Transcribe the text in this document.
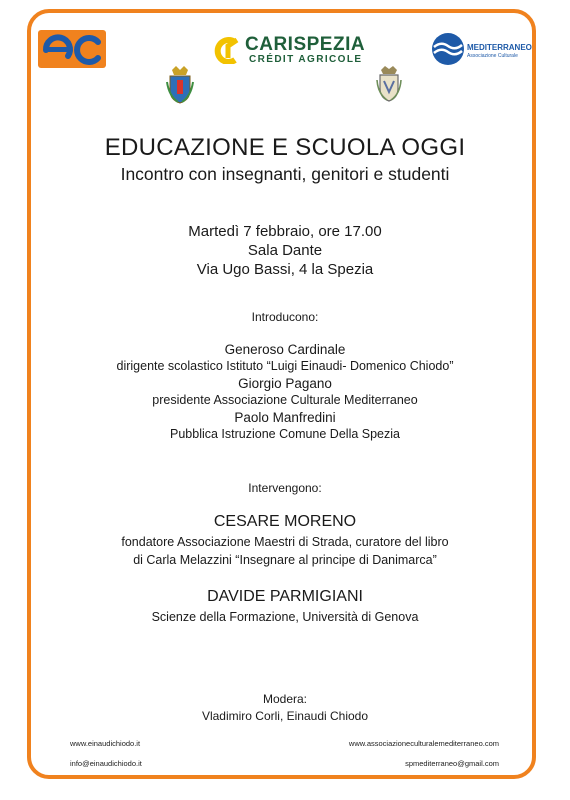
CARISPEZIA
CRÉDIT AGRICOLE
MEDITERRANEO
Associazione Culturale
EDUCAZIONE E SCUOLA OGGI
Incontro con insegnanti, genitori e studenti
Martedì 7 febbraio, ore 17.00
Sala Dante
Via Ugo Bassi, 4 la Spezia
Introducono:
Generoso Cardinale
dirigente scolastico Istituto “Luigi Einaudi- Domenico Chiodo”
Giorgio Pagano
presidente Associazione Culturale Mediterraneo
Paolo Manfredini
Pubblica Istruzione Comune Della Spezia
Intervengono:
CESARE MORENO
fondatore Associazione Maestri di Strada, curatore del libro
di Carla Melazzini “Insegnare al principe di Danimarca”
DAVIDE PARMIGIANI
Scienze della Formazione, Università di Genova
Modera:
Vladimiro Corli, Einaudi Chiodo
www.einaudichiodo.it
info@einaudichiodo.it
www.associazioneculturalemediterraneo.com
spmediterraneo@gmail.com
